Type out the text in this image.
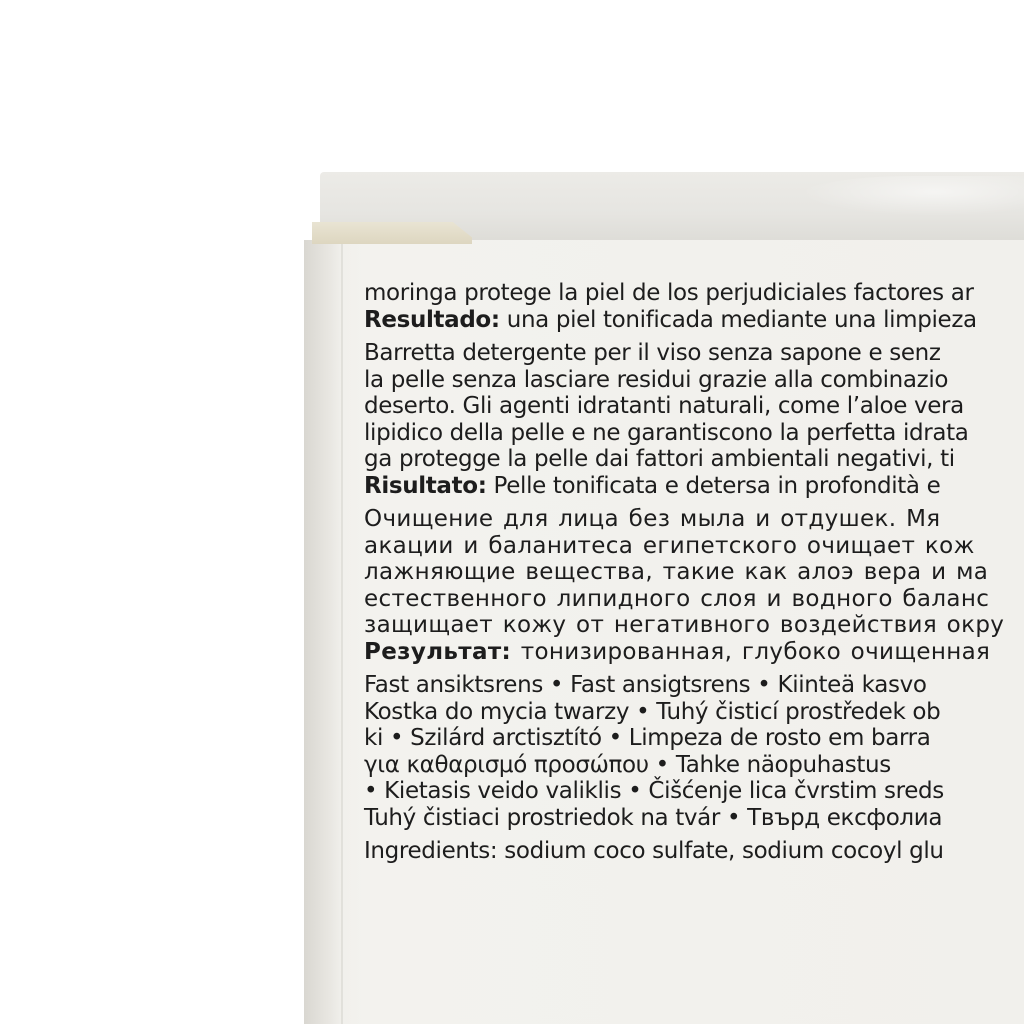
moringa protege la piel de los perjudiciales factores ar
Resultado: una piel tonificada mediante una limpieza
Barretta detergente per il viso senza sapone e senz
la pelle senza lasciare residui grazie alla combinazio
deserto. Gli agenti idratanti naturali, come l’aloe vera
lipidico della pelle e ne garantiscono la perfetta idrata
ga protegge la pelle dai fattori ambientali negativi, ti
Risultato: Pelle tonificata e detersa in profondità e
Очищение для лица без мыла и отдушек. Мя
акации и баланитеса египетского очищает кож
лажняющие вещества, такие как алоэ вера и ма
естественного липидного слоя и водного баланс
защищает кожу от негативного воздействия окру
Результат: тонизированная, глубоко очищенная
Fast ansiktsrens • Fast ansigtsrens • Kiinteä kasvo
Kostka do mycia twarzy • Tuhý čisticí prostředek ob
ki • Szilárd arctisztító • Limpeza de rosto em barra
για καθαρισμό προσώπου • Tahke näopuhastus
• Kietasis veido valiklis • Čišćenje lica čvrstim sreds
Tuhý čistiaci prostriedok na tvár • Твърд ексфолиа
Ingredients: sodium coco sulfate, sodium cocoyl glu
